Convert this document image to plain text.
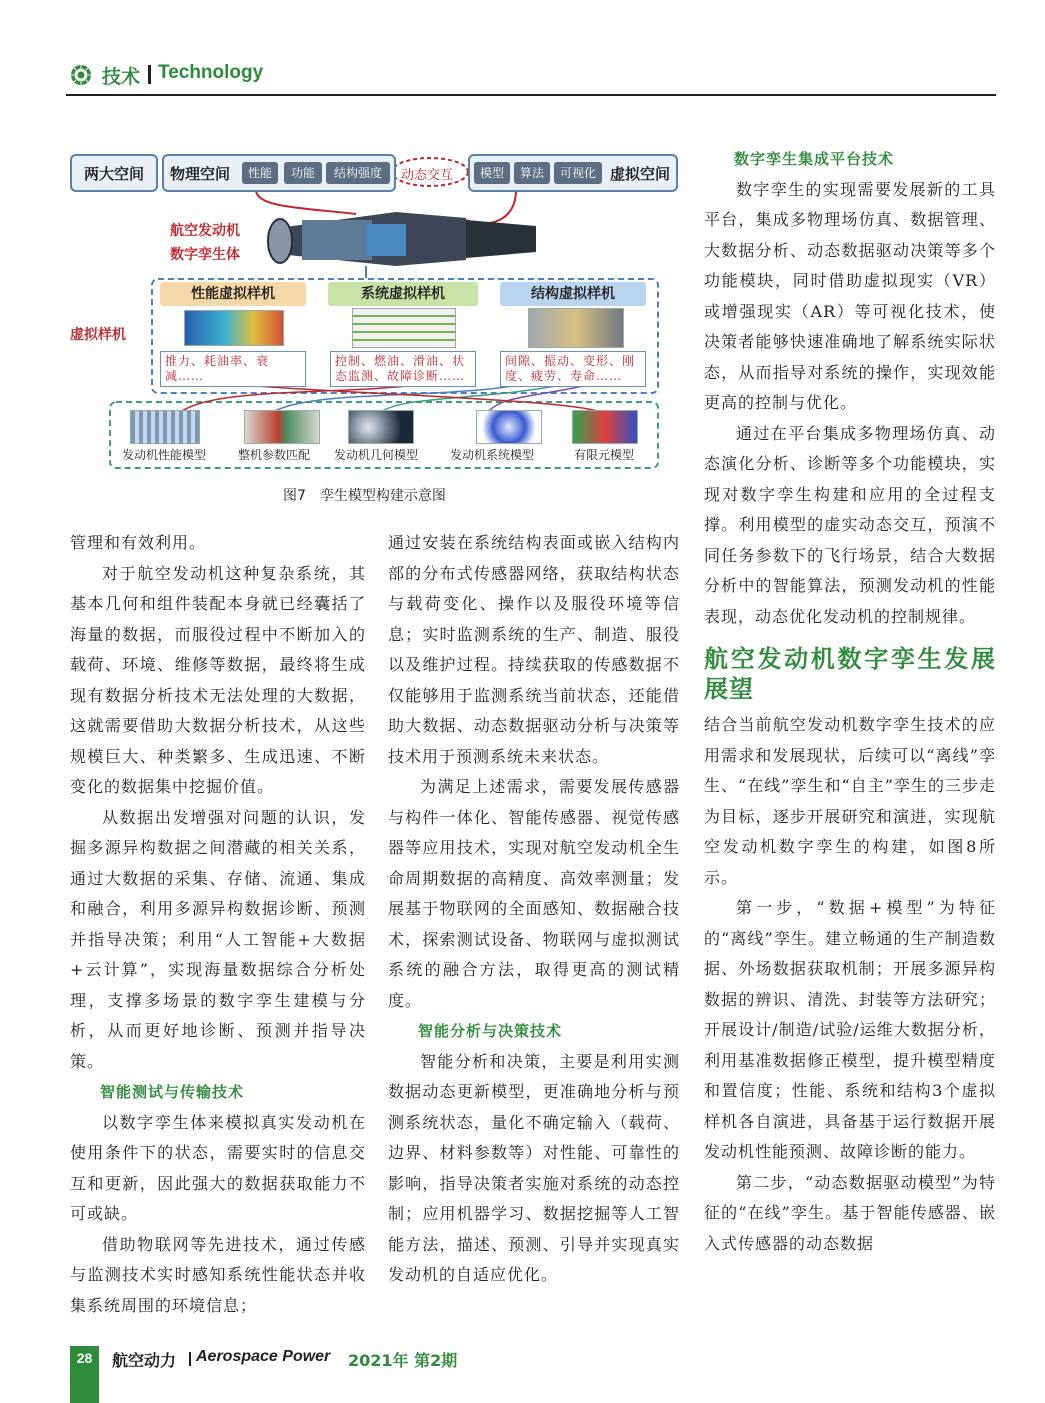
技术 Technology
两大空间 物理空间	性能	功能	结构强度	动态交互	模型	算法	可视化 虚拟空间
航空发动机
数字孪生体
虚拟样机
性能虚拟样机	系统虚拟样机	结构虚拟样机
推力、耗油率、衰减……
控制、燃油、滑油、状态监测、故障诊断……
间隙、振动、变形、刚度、疲劳、寿命……
发动机性能模型	整机参数匹配 发动机几何模型	发动机系统模型	有限元模型
图7　孪生模型构建示意图

管理和有效利用。

对于航空发动机这种复杂系统，其基本几何和组件装配本身就已经囊括了海量的数据，而服役过程中不断加入的载荷、环境、维修等数据，最终将生成现有数据分析技术无法处理的大数据，这就需要借助大数据分析技术，从这些规模巨大、种类繁多、生成迅速、不断变化的数据集中挖掘价值。

从数据出发增强对问题的认识，发掘多源异构数据之间潜藏的相关关系，通过大数据的采集、存储、流通、集成和融合，利用多源异构数据诊断、预测并指导决策；利用“人工智能+大数据+云计算”，实现海量数据综合分析处理，支撑多场景的数字孪生建模与分析，从而更好地诊断、预测并指导决策。

智能测试与传输技术

以数字孪生体来模拟真实发动机在使用条件下的状态，需要实时的信息交互和更新，因此强大的数据获取能力不可或缺。

借助物联网等先进技术，通过传感与监测技术实时感知系统性能状态并收集系统周围的环境信息；

通过安装在系统结构表面或嵌入结构内部的分布式传感器网络，获取结构状态与载荷变化、操作以及服役环境等信息；实时监测系统的生产、制造、服役以及维护过程。持续获取的传感数据不仅能够用于监测系统当前状态，还能借助大数据、动态数据驱动分析与决策等技术用于预测系统未来状态。

为满足上述需求，需要发展传感器与构件一体化、智能传感器、视觉传感器等应用技术，实现对航空发动机全生命周期数据的高精度、高效率测量；发展基于物联网的全面感知、数据融合技术，探索测试设备、物联网与虚拟测试系统的融合方法，取得更高的测试精度。

智能分析与决策技术

智能分析和决策，主要是利用实测数据动态更新模型，更准确地分析与预测系统状态，量化不确定输入（载荷、边界、材料参数等）对性能、可靠性的影响，指导决策者实施对系统的动态控制；应用机器学习、数据挖掘等人工智能方法，描述、预测、引导并实现真实发动机的自适应优化。

数字孪生集成平台技术

数字孪生的实现需要发展新的工具平台，集成多物理场仿真、数据管理、大数据分析、动态数据驱动决策等多个功能模块，同时借助虚拟现实（VR）或增强现实（AR）等可视化技术，使决策者能够快速准确地了解系统实际状态，从而指导对系统的操作，实现效能更高的控制与优化。

通过在平台集成多物理场仿真、动态演化分析、诊断等多个功能模块，实现对数字孪生构建和应用的全过程支撑。利用模型的虚实动态交互，预演不同任务参数下的飞行场景，结合大数据分析中的智能算法，预测发动机的性能表现，动态优化发动机的控制规律。

航空发动机数字孪生发展展望

结合当前航空发动机数字孪生技术的应用需求和发展现状，后续可以“离线”孪生、“在线”孪生和“自主”孪生的三步走为目标，逐步开展研究和演进，实现航空发动机数字孪生的构建，如图8所示。

第一步，“数据+模型”为特征的“离线”孪生。建立畅通的生产制造数据、外场数据获取机制；开展多源异构数据的辨识、清洗、封装等方法研究；开展设计/制造/试验/运维大数据分析，利用基准数据修正模型，提升模型精度和置信度；性能、系统和结构3个虚拟样机各自演进，具备基于运行数据开展发动机性能预测、故障诊断的能力。

第二步，“动态数据驱动模型”为特征的“在线”孪生。基于智能传感器、嵌入式传感器的动态数据

28	航空动力 Aerospace Power 2021年 第2期
